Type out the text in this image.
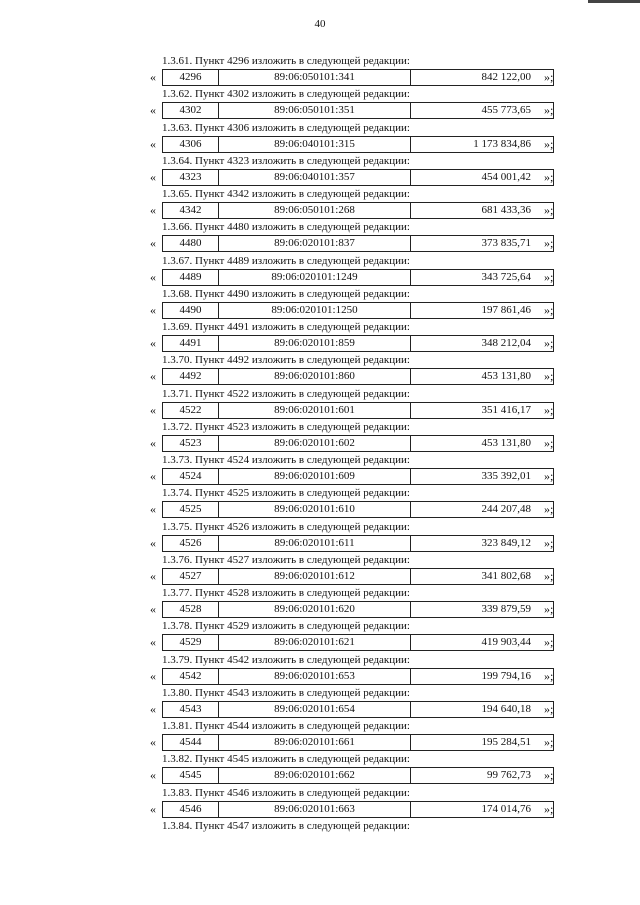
40
1.3.61. Пункт 4296 изложить в следующей редакции:
«	4296	89:06:050101:341	842 122,00	»;
1.3.62. Пункт 4302 изложить в следующей редакции:
«	4302	89:06:050101:351	455 773,65	»;
1.3.63. Пункт 4306 изложить в следующей редакции:
«	4306	89:06:040101:315	1 173 834,86	»;
1.3.64. Пункт 4323 изложить в следующей редакции:
«	4323	89:06:040101:357	454 001,42	»;
1.3.65. Пункт 4342 изложить в следующей редакции:
«	4342	89:06:050101:268	681 433,36	»;
1.3.66. Пункт 4480 изложить в следующей редакции:
«	4480	89:06:020101:837	373 835,71	»;
1.3.67. Пункт 4489 изложить в следующей редакции:
«	4489	89:06:020101:1249	343 725,64	»;
1.3.68. Пункт 4490 изложить в следующей редакции:
«	4490	89:06:020101:1250	197 861,46	»;
1.3.69. Пункт 4491 изложить в следующей редакции:
«	4491	89:06:020101:859	348 212,04	»;
1.3.70. Пункт 4492 изложить в следующей редакции:
«	4492	89:06:020101:860	453 131,80	»;
1.3.71. Пункт 4522 изложить в следующей редакции:
«	4522	89:06:020101:601	351 416,17	»;
1.3.72. Пункт 4523 изложить в следующей редакции:
«	4523	89:06:020101:602	453 131,80	»;
1.3.73. Пункт 4524 изложить в следующей редакции:
«	4524	89:06:020101:609	335 392,01	»;
1.3.74. Пункт 4525 изложить в следующей редакции:
«	4525	89:06:020101:610	244 207,48	»;
1.3.75. Пункт 4526 изложить в следующей редакции:
«	4526	89:06:020101:611	323 849,12	»;
1.3.76. Пункт 4527 изложить в следующей редакции:
«	4527	89:06:020101:612	341 802,68	»;
1.3.77. Пункт 4528 изложить в следующей редакции:
«	4528	89:06:020101:620	339 879,59	»;
1.3.78. Пункт 4529 изложить в следующей редакции:
«	4529	89:06:020101:621	419 903,44	»;
1.3.79. Пункт 4542 изложить в следующей редакции:
«	4542	89:06:020101:653	199 794,16	»;
1.3.80. Пункт 4543 изложить в следующей редакции:
«	4543	89:06:020101:654	194 640,18	»;
1.3.81. Пункт 4544 изложить в следующей редакции:
«	4544	89:06:020101:661	195 284,51	»;
1.3.82. Пункт 4545 изложить в следующей редакции:
«	4545	89:06:020101:662	99 762,73	»;
1.3.83. Пункт 4546 изложить в следующей редакции:
«	4546	89:06:020101:663	174 014,76	»;
1.3.84. Пункт 4547 изложить в следующей редакции:
